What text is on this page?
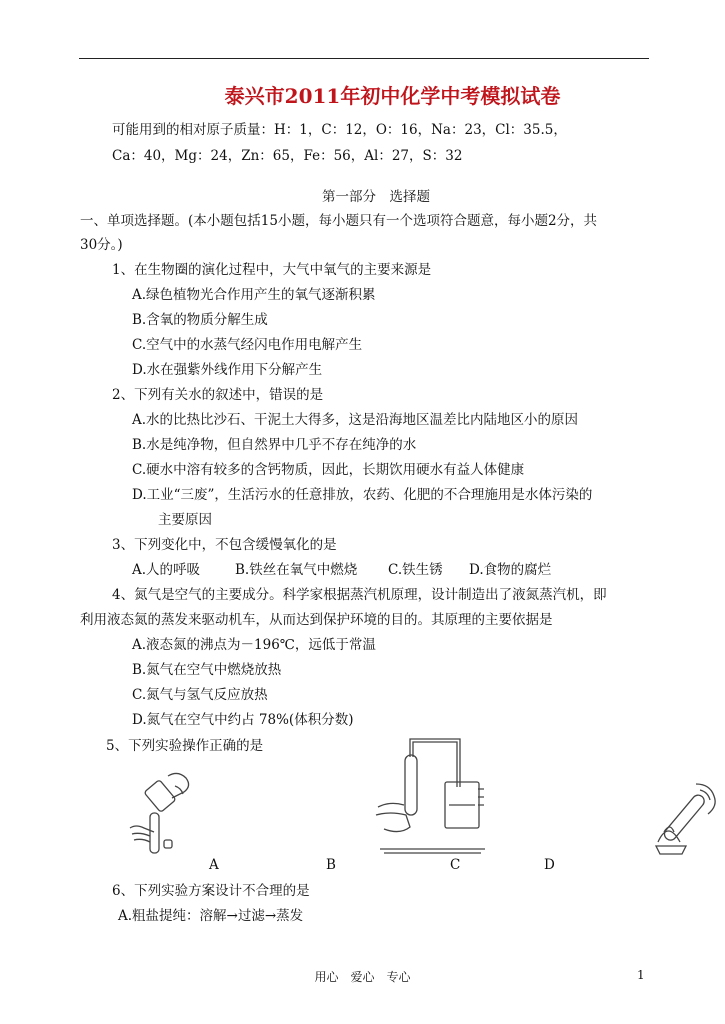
泰兴市2011年初中化学中考模拟试卷
可能用到的相对原子质量：H：1，C：12，O：16，Na：23，Cl：35.5，
Ca：40，Mg：24，Zn：65，Fe：56，Al：27，S：32
第一部分　选择题
一、单项选择题。(本小题包括15小题，每小题只有一个选项符合题意，每小题2分，共
30分。)
1、在生物圈的演化过程中，大气中氧气的主要来源是
A.绿色植物光合作用产生的氧气逐渐积累
B.含氧的物质分解生成
C.空气中的水蒸气经闪电作用电解产生
D.水在强紫外线作用下分解产生
2、下列有关水的叙述中，错误的是
A.水的比热比沙石、干泥土大得多，这是沿海地区温差比内陆地区小的原因
B.水是纯净物，但自然界中几乎不存在纯净的水
C.硬水中溶有较多的含钙物质，因此，长期饮用硬水有益人体健康
D.工业“三废”，生活污水的任意排放，农药、化肥的不合理施用是水体污染的
主要原因
3、下列变化中，不包含缓慢氧化的是
A.人的呼吸	B.铁丝在氧气中燃烧 C.铁生锈 D.食物的腐烂
4、氮气是空气的主要成分。科学家根据蒸汽机原理，设计制造出了液氮蒸汽机，即
利用液态氮的蒸发来驱动机车，从而达到保护环境的目的。其原理的主要依据是
A.液态氮的沸点为－196℃，远低于常温
B.氮气在空气中燃烧放热
C.氮气与氢气反应放热
D.氮气在空气中约占 78%(体积分数)
5、下列实验操作正确的是
A	B	C	D
6、下列实验方案设计不合理的是
A.粗盐提纯：溶解→过滤→蒸发
用心　爱心　专心	1
